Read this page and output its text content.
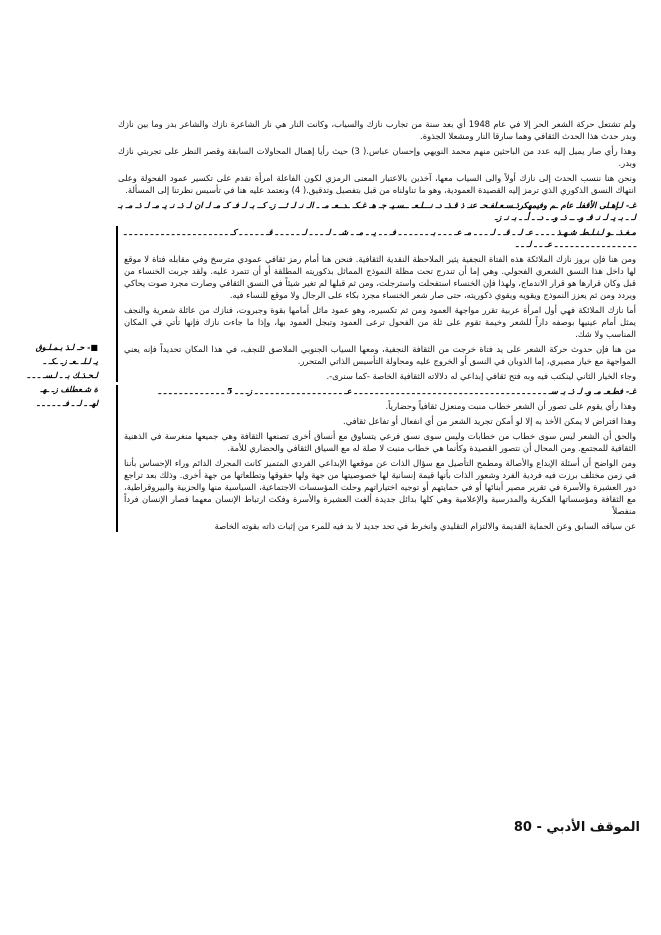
ولم تشتعل حركة الشعر الحر إلا في عام 1948 أي بعد سنة من تجارب نازك والسياب، وكانت النار هي نار الشاعرة نازك والشاعر بدر وما بين نازك وبدر حدث هذا الحدث الثقافي وهما سارقا النار ومشعلا الجذوة.

وهذا رأي صار يميل إليه عدد من الباحثين منهم محمد النويهي وإحسان عباس.( 3) حيث رأيا إهمال المحاولات السابقة وقصر النظر على تجربتي نازك وبدر.

ونحن هنا ننسب الحدث إلى نازك أولاً والى السياب معها، آخذين بالاعتبار المعنى الرمزي لكون الفاعلة امرأة تقدم على تكسير عمود الفحولة وعلى انتهاك النسق الذكوري الذي ترمز إليه القصيدة العمودية، وهو ما تناولناه من قبل بتفصيل وتدقيق.( 4) ونعتمد عليه هنا في تأسيس نظرتنا إلى المسألة.

غـ- لـإهـلى الأقفلـ عام ـم وفيمهكرذـسـعـلفـحـ عنـ ذ قـذـ دـ نـــلـعـ ــسـيـ جـ هـ غـكـ ـدــعـ مـ ـ الـ نـ لـ ئـــ زـ كــ بـ لـ فـ كـ مـ لـ ان لـ ذـ نـ يـ مـ لـ ذـ مـ بـ لـ ـ بـ يـ لـ نـ قـ وـ ــ ذـ وـ ـ دـ ـ أـ ـ بـ نـ زـ

مـغـذـ ـو لـنـلـطـ شـهـذ ـ ـ ـ ـ عـ لـ ـ قـ ـ لـ ـ ـ ـ مـ عـ ـ ـ ـ بـ ـ ـ ـ ـ ـ ـ فـ ـ ـ يـ ـ مـ ـ شـ ـ لـ ـ ـ ـ لـ ـ ـ ـ ـ ـ قـ ـ ـ ـ ـ ـ كـ ـ ـ ـ ـ ـ ـ ـ ـ ـ ـ ـ ـ ـ ـ ـ ـ ـ ـ ـ ـ ـ ـ ـ ـ ـ ـ ـ ـ ـ ـ ـ ـ ـ ـ ـ ـ عـ ـ ـ لـ ـ ـ

ومن هنا فإن بروز نازك الملائكة هذه الفتاة النجفية يثير الملاحظة النقدية الثقافية. فنحن هنا أمام رمز ثقافي عمودي مترسخ وفي مقابله فتاة لا موقع لها داخل هذا النسق الشعري الفحولي. وهي إما أن تندرج تحت مظلة النموذج المماثل بذكوريته المطلقة أو أن تتمرد عليه. ولقد جربت الخنساء من قبل وكان قرارها هو قرار الاندماج، ولهذا فإن الخنساء استفحلت واسترجلت، ومن ثم قبلها لم تغير شيئاً في النسق الثقافي وصارت مجرد صوت يحاكي ويردد ومن ثم يعزز النموذج ويقويه ويقوي ذكوريته، حتى صار شعر الخنساء مجرد بكاء على الرجال ولا موقع للنساء فيه.

أما نازك الملائكة فهي أول امرأة عربية تقرر مواجهة العمود ومن ثم تكسيره، وهو عمود ماثل أمامها بقوة وجبروت، فنازك من عائلة شعرية والنجف يمثل أمام عينيها بوصفه داراً للشعر وخيمة تقوم على ثلة من الفحول ترعى العمود وتبجل العمود بها، وإذا ما جاءت نازك فإنها تأتي في المكان المناسب ولا شك.

من هنا فإن حدوث حركة الشعر على يد فتاة خرجت من الثقافة النجفية، ومعها السياب الجنوبي الملاصق للنجف، في هذا المكان تحديداً فإنه يعني المواجهة مع خيار مصيري، إما الذوبان في النسق أو الخروج عليه ومحاولة التأسيس الذاتي المتحرر.

وجاء الخيار الثاني لينكتب فيه وبه فتح ثقافي إبداعي له دلالاته الثقافية الخاصة -كما سنرى-.

غـ- فطـعـ مـ وـ لـ ذـ بـ سـ ـ ـ ـ ـ ـ ـ ـ ـ ـ ـ ـ ـ ـ ـ ـ ـ ـ ـ ـ ـ ـ ـ ـ ـ ـ ـ ـ ـ ـ ـ ـ ـ ـ ـ ـ ـ ـ عـ ـ ـ ـ ـ ـ ـ ـ ـ ـ ـ ـ ـ ـ ـ ـ ـ ـ زـ ـ ـ 5 ـ ـ ـ ـ ـ ـ ـ ـ ـ ـ ـ ـ ـ

وهذا رأي يقوم على تصور أن الشعر خطاب منبت ومنعزل ثقافياً وحضارياً.

وهذا افتراض لا يمكن الأخذ به إلا لو أمكن تجريد الشعر من أي انفعال أو تفاعل ثقافي.

والحق أن الشعر ليس سوى خطاب من خطابات وليس سوى نسق فرعي يتساوق مع أنساق أخرى تصنعها الثقافة وهي جميعها منغرسة في الذهنية الثقافية للمجتمع. ومن المحال أن نتصور القصيدة وكأنما هي خطاب منبت لا صلة له مع السياق الثقافي والحضاري للأمة.

ومن الواضح أن أسئلة الإبداع والأصالة ومطمح التأصيل مع سؤال الذات عن موقعها الإبداعي الفردي المتميز كانت المحرك الدائم وراء الإحساس بأننا في زمن مختلف برزت فيه فردية الفرد وشعور الذات بأنها قيمة إنسانية لها خصوصيتها من جهة ولها حقوقها وتطلعاتها من جهة أخرى. وذلك بعد تراجع دور العشيرة والأسرة في تقرير مصير أبنائها أو في حمايتهم أو توجيه اختياراتهم وحلت المؤسسات الاجتماعية، السياسية منها والحزبية والبيروقراطية، مع الثقافة ومؤسساتها الفكرية والمدرسية والإعلامية وهي كلها بدائل جديدة ألغت العشيرة والأسرة وفكت ارتباط الإنسان معهما فصار الإنسان فرداً منفصلاً

عن سياقه السابق وعن الحماية القديمة والالتزام التقليدي وانخرط في تحد جديد لا بد فيه للمرء من إثبات ذاته بقوته الخاصة

■- حـ لـذ بـمـلـوق
يـ لـلـ ـعـ زـ ـكـ ـ
لـحـذـك بـ ـ لـسـ ـ ـ ـ
ة شـعطلف زـ ـهـ
لهـ ـ لـ ـ فـ ـ ـ ـ ـ ـ
الموقف الأدبي - 80
